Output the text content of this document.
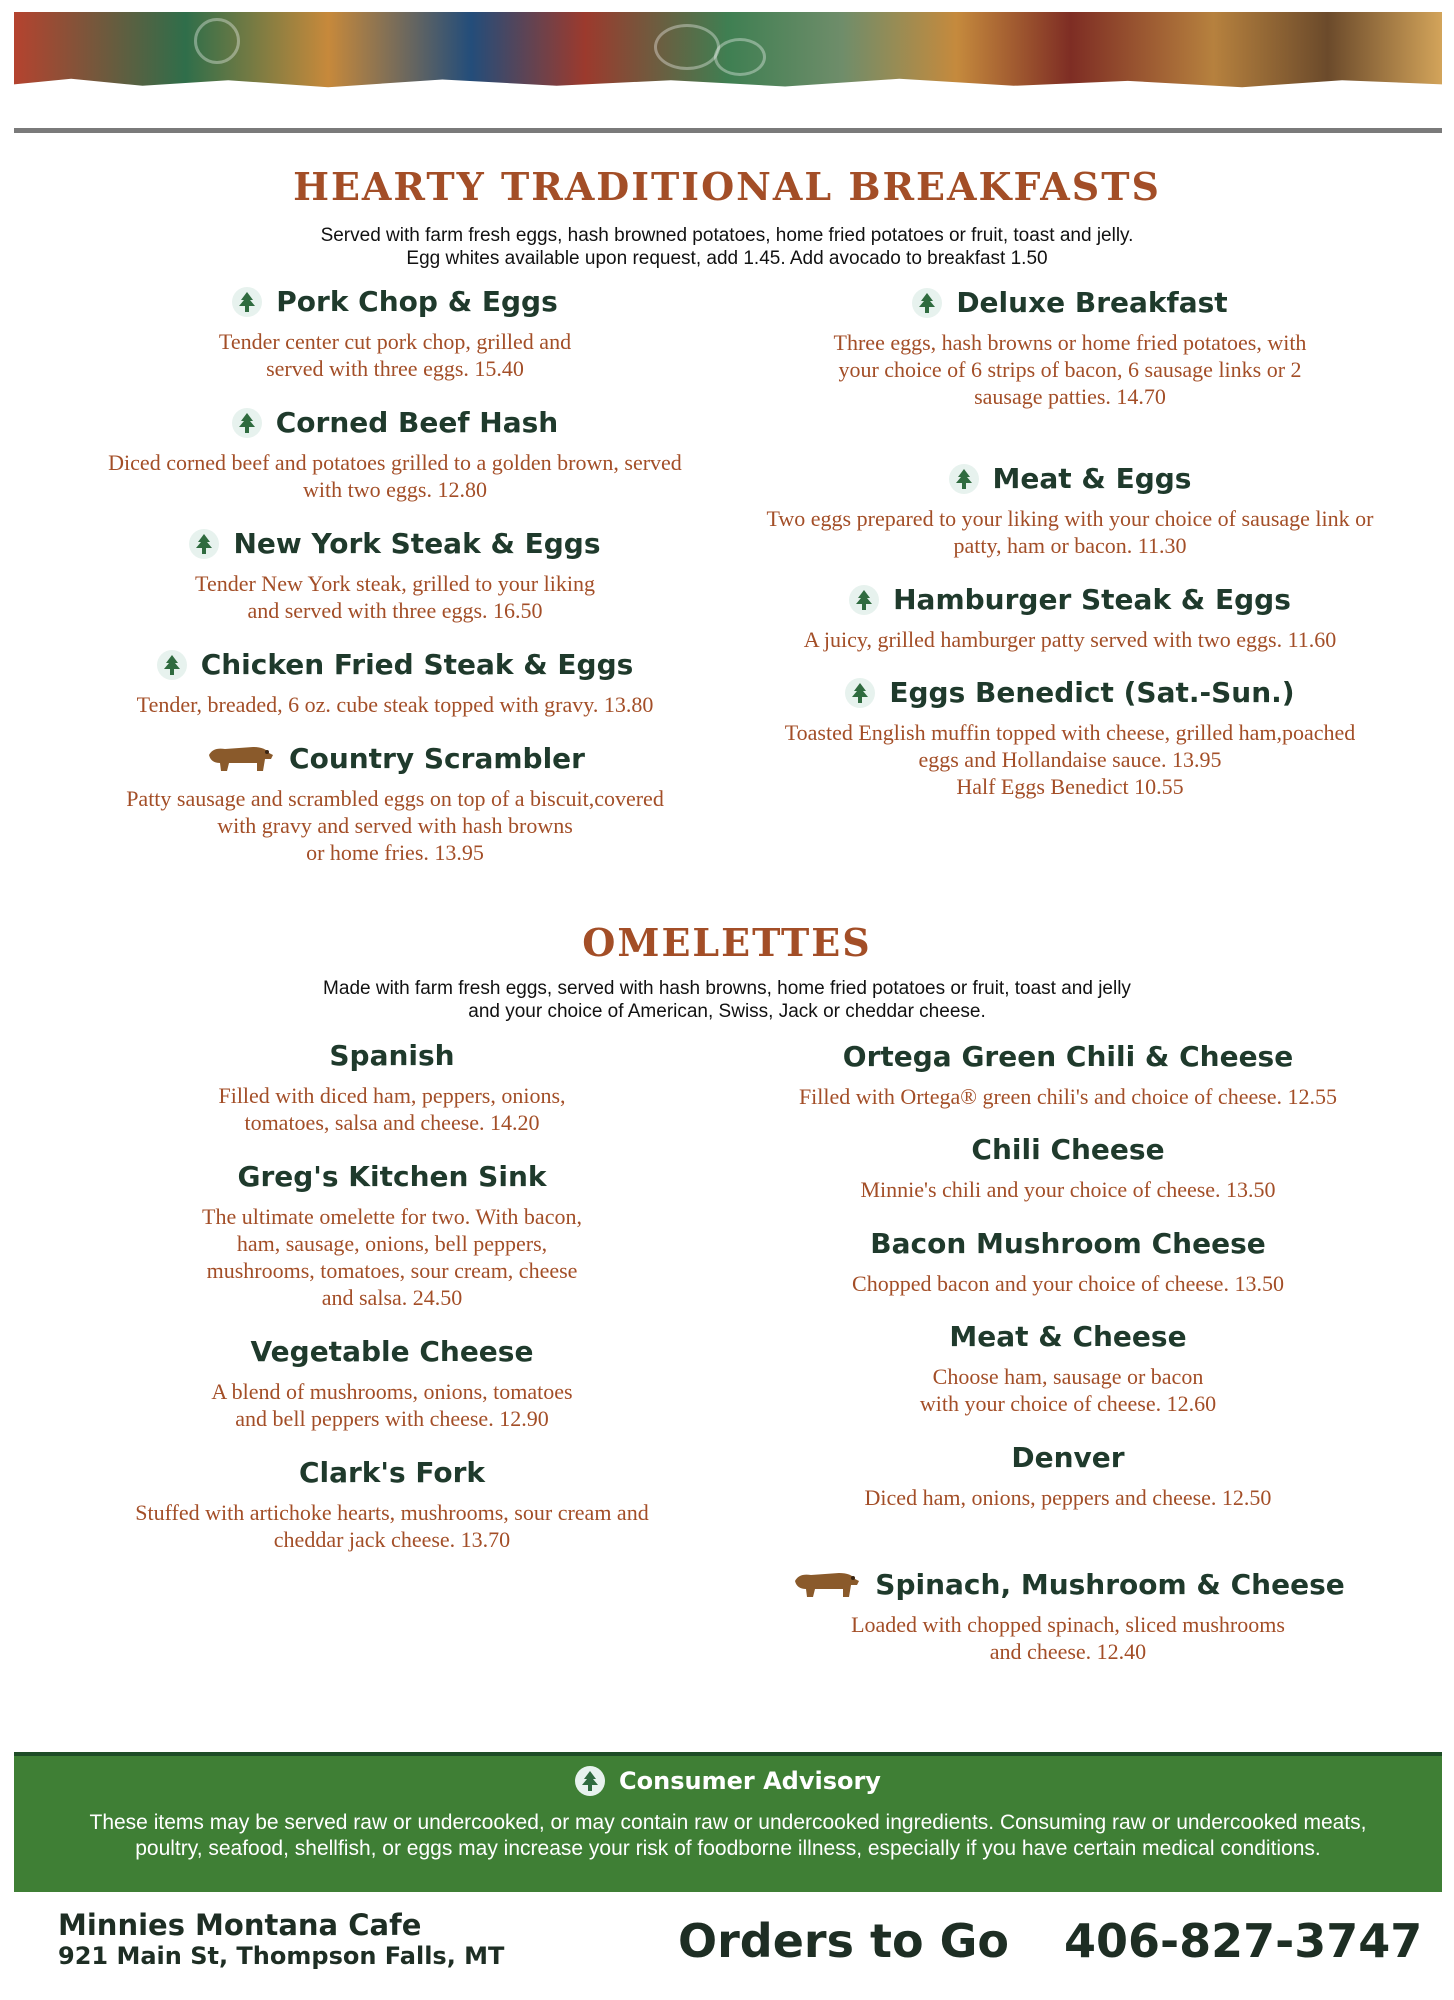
HEARTY TRADITIONAL BREAKFASTS
Served with farm fresh eggs, hash browned potatoes, home fried potatoes or fruit, toast and jelly.
Egg whites available upon request, add 1.45. Add avocado to breakfast 1.50
Pork Chop & Eggs
Tender center cut pork chop, grilled and
served with three eggs. 15.40
Corned Beef Hash
Diced corned beef and potatoes grilled to a golden brown, served
with two eggs. 12.80
New York Steak & Eggs
Tender New York steak, grilled to your liking
and served with three eggs. 16.50
Chicken Fried Steak & Eggs
Tender, breaded, 6 oz. cube steak topped with gravy. 13.80
Country Scrambler
Patty sausage and scrambled eggs on top of a biscuit,covered
with gravy and served with hash browns
or home fries. 13.95
Deluxe Breakfast
Three eggs, hash browns or home fried potatoes, with
your choice of 6 strips of bacon, 6 sausage links or 2
sausage patties. 14.70
Meat & Eggs
Two eggs prepared to your liking with your choice of sausage link or
patty, ham or bacon. 11.30
Hamburger Steak & Eggs
A juicy, grilled hamburger patty served with two eggs. 11.60
Eggs Benedict (Sat.-Sun.)
Toasted English muffin topped with cheese, grilled ham,poached
eggs and Hollandaise sauce. 13.95
Half Eggs Benedict 10.55
OMELETTES
Made with farm fresh eggs, served with hash browns, home fried potatoes or fruit, toast and jelly
and your choice of American, Swiss, Jack or cheddar cheese.
Spanish
Filled with diced ham, peppers, onions,
tomatoes, salsa and cheese. 14.20
Greg's Kitchen Sink
The ultimate omelette for two. With bacon,
ham, sausage, onions, bell peppers,
mushrooms, tomatoes, sour cream, cheese
and salsa. 24.50
Vegetable Cheese
A blend of mushrooms, onions, tomatoes
and bell peppers with cheese. 12.90
Clark's Fork
Stuffed with artichoke hearts, mushrooms, sour cream and
cheddar jack cheese. 13.70
Ortega Green Chili & Cheese
Filled with Ortega® green chili's and choice of cheese. 12.55
Chili Cheese
Minnie's chili and your choice of cheese. 13.50
Bacon Mushroom Cheese
Chopped bacon and your choice of cheese. 13.50
Meat & Cheese
Choose ham, sausage or bacon
with your choice of cheese. 12.60
Denver
Diced ham, onions, peppers and cheese. 12.50
Spinach, Mushroom & Cheese
Loaded with chopped spinach, sliced mushrooms
and cheese. 12.40
Consumer Advisory
These items may be served raw or undercooked, or may contain raw or undercooked ingredients. Consuming raw or undercooked meats,
poultry, seafood, shellfish, or eggs may increase your risk of foodborne illness, especially if you have certain medical conditions.
Minnies Montana Cafe
921 Main St, Thompson Falls, MT	Orders to Go 406-827-3747
